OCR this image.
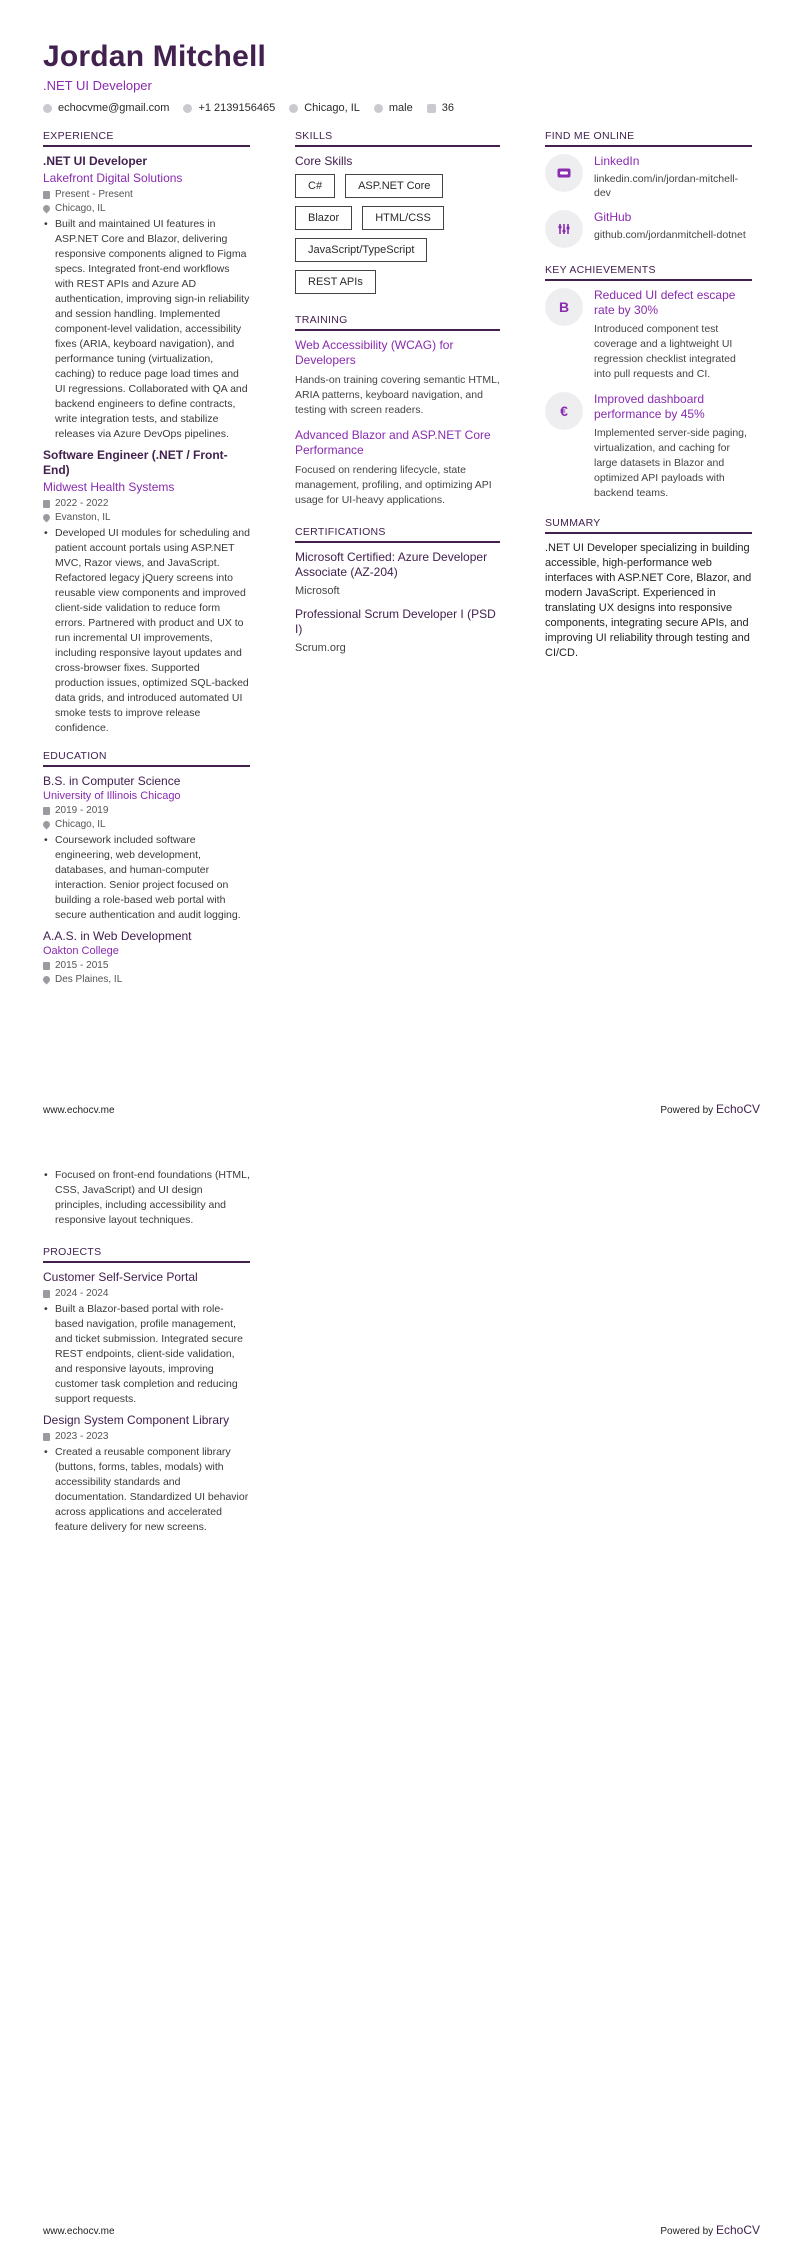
Jordan Mitchell
.NET UI Developer
echocvme@gmail.com	+1 2139156465	Chicago, IL	male	36
EXPERIENCE
.NET UI Developer
Lakefront Digital Solutions
Present - Present
Chicago, IL
• Built and maintained UI features in ASP.NET Core and Blazor, delivering responsive components aligned to Figma specs. Integrated front-end workflows with REST APIs and Azure AD authentication, improving sign-in reliability and session handling. Implemented component-level validation, accessibility fixes (ARIA, keyboard navigation), and performance tuning (virtualization, caching) to reduce page load times and UI regressions. Collaborated with QA and backend engineers to define contracts, write integration tests, and stabilize releases via Azure DevOps pipelines.
Software Engineer (.NET / Front-End)
Midwest Health Systems
2022 - 2022
Evanston, IL
• Developed UI modules for scheduling and patient account portals using ASP.NET MVC, Razor views, and JavaScript. Refactored legacy jQuery screens into reusable view components and improved client-side validation to reduce form errors. Partnered with product and UX to run incremental UI improvements, including responsive layout updates and cross-browser fixes. Supported production issues, optimized SQL-backed data grids, and introduced automated UI smoke tests to improve release confidence.
EDUCATION
B.S. in Computer Science
University of Illinois Chicago
2019 - 2019
Chicago, IL
• Coursework included software engineering, web development, databases, and human-computer interaction. Senior project focused on building a role-based web portal with secure authentication and audit logging.
A.A.S. in Web Development
Oakton College
2015 - 2015
Des Plaines, IL
SKILLS
Core Skills
C#	ASP.NET Core
Blazor	HTML/CSS
JavaScript/TypeScript
REST APIs
TRAINING
Web Accessibility (WCAG) for Developers
Hands-on training covering semantic HTML, ARIA patterns, keyboard navigation, and testing with screen readers.
Advanced Blazor and ASP.NET Core Performance
Focused on rendering lifecycle, state management, profiling, and optimizing API usage for UI-heavy applications.
CERTIFICATIONS
Microsoft Certified: Azure Developer Associate (AZ-204)
Microsoft
Professional Scrum Developer I (PSD I)
Scrum.org
FIND ME ONLINE
LinkedIn
linkedin.com/in/jordan-mitchell-dev
GitHub
github.com/jordanmitchell-dotnet
KEY ACHIEVEMENTS
B
Reduced UI defect escape rate by 30%
Introduced component test coverage and a lightweight UI regression checklist integrated into pull requests and CI.
€
Improved dashboard performance by 45%
Implemented server-side paging, virtualization, and caching for large datasets in Blazor and optimized API payloads with backend teams.
SUMMARY
.NET UI Developer specializing in building accessible, high-performance web interfaces with ASP.NET Core, Blazor, and modern JavaScript. Experienced in translating UX designs into responsive components, integrating secure APIs, and improving UI reliability through testing and CI/CD.
www.echocv.me	Powered by EchoCV
• Focused on front-end foundations (HTML, CSS, JavaScript) and UI design principles, including accessibility and responsive layout techniques.
PROJECTS
Customer Self-Service Portal
2024 - 2024
• Built a Blazor-based portal with role-based navigation, profile management, and ticket submission. Integrated secure REST endpoints, client-side validation, and responsive layouts, improving customer task completion and reducing support requests.
Design System Component Library
2023 - 2023
• Created a reusable component library (buttons, forms, tables, modals) with accessibility standards and documentation. Standardized UI behavior across applications and accelerated feature delivery for new screens.
www.echocv.me	Powered by EchoCV
